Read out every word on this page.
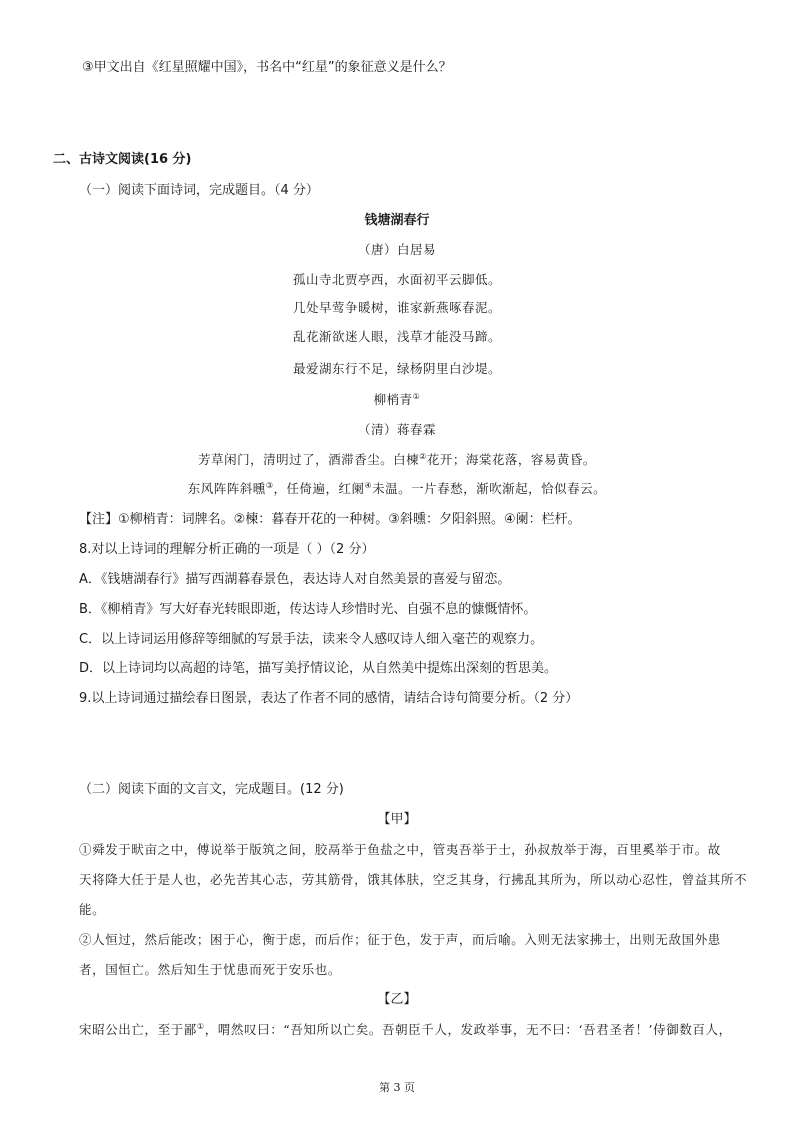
③甲文出自《红星照耀中国》，书名中“红星”的象征意义是什么？
二、古诗文阅读(16 分)
（一）阅读下面诗词，完成题目。（4 分）
钱塘湖春行
（唐）白居易
孤山寺北贾亭西，水面初平云脚低。
几处早莺争暖树，谁家新燕啄春泥。
乱花渐欲迷人眼，浅草才能没马蹄。
最爱湖东行不足，绿杨阴里白沙堤。
柳梢青①
（清）蒋春霖
芳草闲门，清明过了，酒滞香尘。白楝②花开；海棠花落，容易黄昏。
东风阵阵斜曛③，任倚遍，红阑④未温。一片春愁，渐吹渐起，恰似春云。
【注】①柳梢青：词牌名。②楝：暮春开花的一种树。③斜曛：夕阳斜照。④阑：栏杆。
8.对以上诗词的理解分析正确的一项是（ ）（2 分）
A．《钱塘湖春行》描写西湖暮春景色，表达诗人对自然美景的喜爱与留恋。
B．《柳梢青》写大好春光转眼即逝，传达诗人珍惜时光、自强不息的慷慨情怀。
C．以上诗词运用修辞等细腻的写景手法，读来令人感叹诗人细入毫芒的观察力。
D．以上诗词均以高超的诗笔，描写美抒情议论，从自然美中提炼出深刻的哲思美。
9.以上诗词通过描绘春日图景，表达了作者不同的感情，请结合诗句简要分析。（2 分）
（二）阅读下面的文言文，完成题目。(12 分)
【甲】
①舜发于畎亩之中，傅说举于版筑之间，胶鬲举于鱼盐之中，管夷吾举于士，孙叔敖举于海，百里奚举于市。故
天将降大任于是人也，必先苦其心志，劳其筋骨，饿其体肤，空乏其身，行拂乱其所为，所以动心忍性，曾益其所不
能。
②人恒过，然后能改；困于心，衡于虑，而后作；征于色，发于声，而后喻。入则无法家拂士，出则无敌国外患
者，国恒亡。然后知生于忧患而死于安乐也。
【乙】
宋昭公出亡，至于鄙①，喟然叹曰：“吾知所以亡矣。吾朝臣千人，发政举事，无不曰：‘吾君圣者！’侍御数百人，
第 3 页
